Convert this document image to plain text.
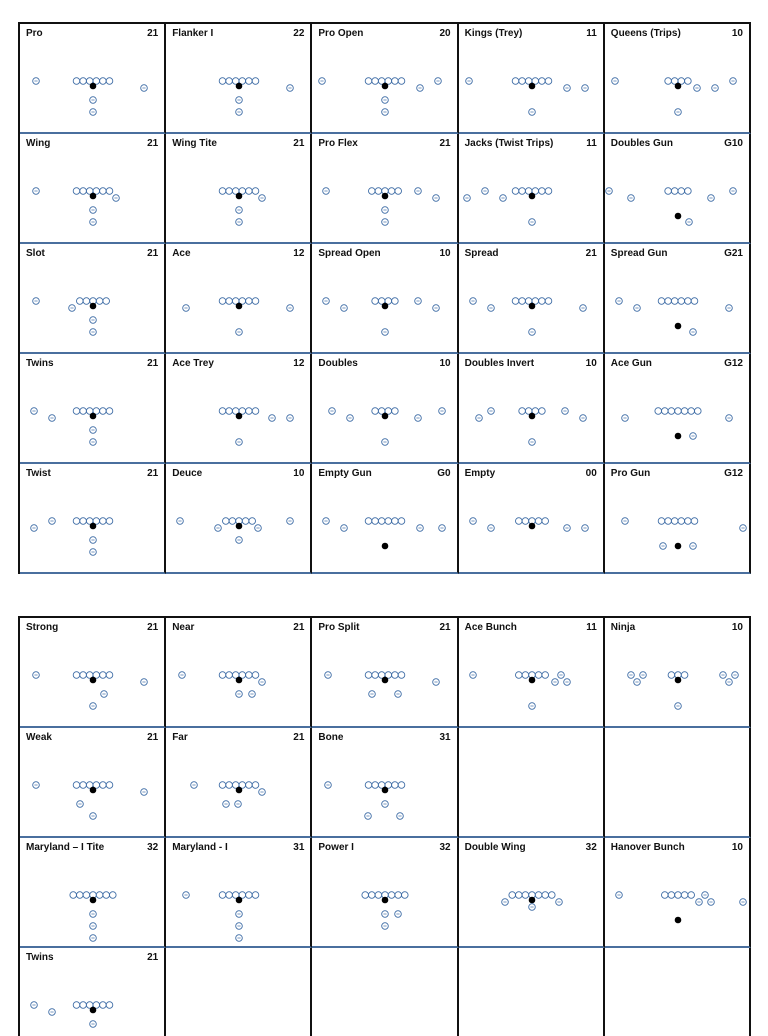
Pro	21 Flanker I	22 Pro Open	20 Kings (Trey)	11 Queens (Trips)	10
Wing	21 Wing Tite	21 Pro Flex	21 Jacks (Twist Trips)	11 Doubles Gun	G10
Slot	21 Ace	12 Spread Open	10 Spread	21 Spread Gun	G21
Twins	21 Ace Trey	12 Doubles	10 Doubles Invert	10 Ace Gun	G12
Twist	21 Deuce	10 Empty Gun	G0 Empty	00 Pro Gun	G12
Strong	21 Near	21 Pro Split	21 Ace Bunch	11 Ninja	10
Weak	21 Far	21 Bone	31
Maryland – I Tite	32 Maryland - I	31 Power I	32 Double Wing	32 Hanover Bunch	10
Twins	21
